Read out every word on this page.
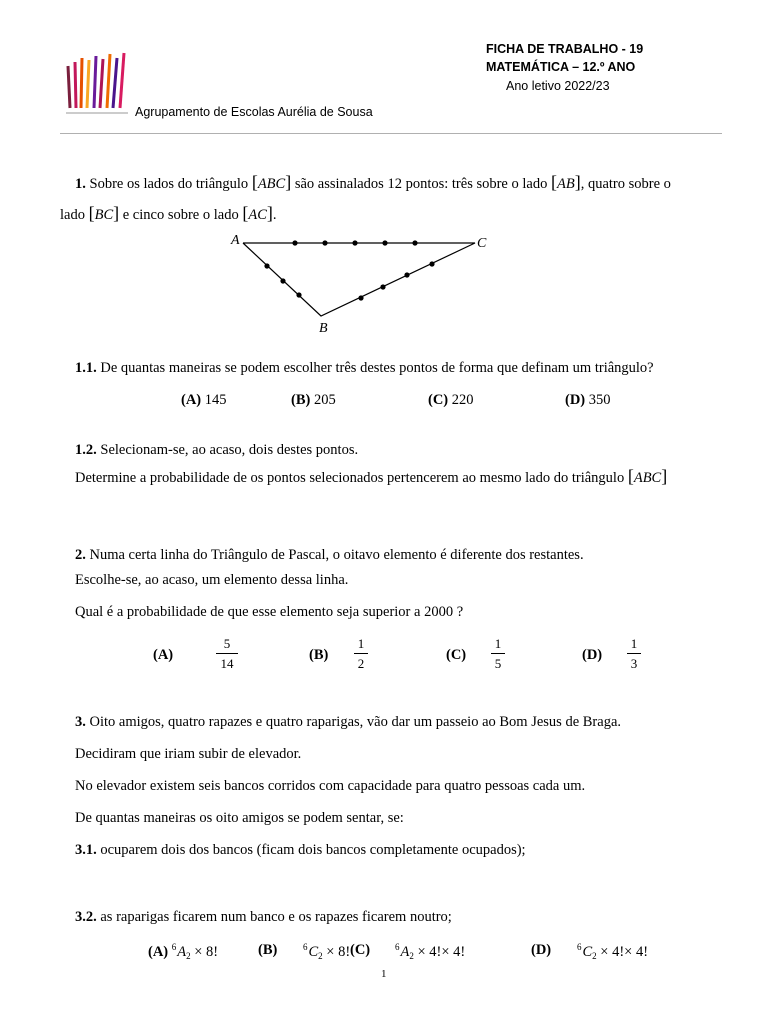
Agrupamento de Escolas Aurélia de Sousa
FICHA DE TRABALHO - 19
MATEMÁTICA – 12.º ANO
Ano letivo 2022/23
1. Sobre os lados do triângulo [ABC] são assinalados 12 pontos: três sobre o lado [AB], quatro sobre o
lado [BC] e cinco sobre o lado [AC].
A	C
B
1.1. De quantas maneiras se podem escolher três destes pontos de forma que definam um triângulo?
(A) 145	(B) 205	(C) 220	(D) 350
1.2. Selecionam-se, ao acaso, dois destes pontos.
Determine a probabilidade de os pontos selecionados pertencerem ao mesmo lado do triângulo [ABC]
2. Numa certa linha do Triângulo de Pascal, o oitavo elemento é diferente dos restantes.
Escolhe-se, ao acaso, um elemento dessa linha.
Qual é a probabilidade de que esse elemento seja superior a 2000 ?
(A)
5
14
(B)
1
2
(C)
1
5
(D)
1
3
3. Oito amigos, quatro rapazes e quatro raparigas, vão dar um passeio ao Bom Jesus de Braga.
Decidiram que iriam subir de elevador.
No elevador existem seis bancos corridos com capacidade para quatro pessoas cada um.
De quantas maneiras os oito amigos se podem sentar, se:
3.1. ocuparem dois dos bancos (ficam dois bancos completamente ocupados);
3.2. as raparigas ficarem num banco e os rapazes ficarem noutro;
(A) $^6A_2 \times 8$!	(B)	$^6C_2 \times 8$! (C)	$^6A_2 \times 4!\times 4$!	(D)	$^6C_2 \times 4!\times 4$!
1
